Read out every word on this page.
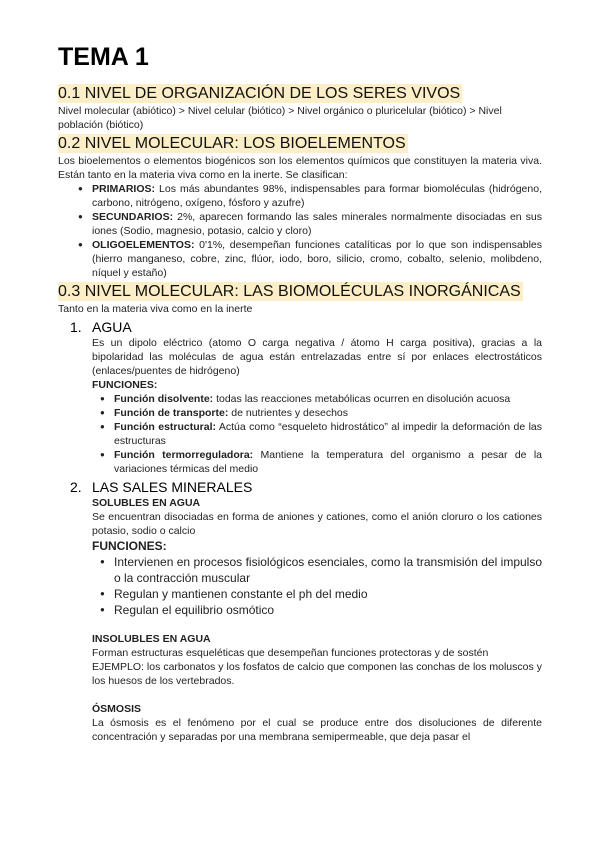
TEMA 1
0.1 NIVEL DE ORGANIZACIÓN DE LOS SERES VIVOS

Nivel molecular (abiótico) > Nivel celular (biótico) > Nivel orgánico o pluricelular (biótico) > Nivel población (biótico)

0.2 NIVEL MOLECULAR: LOS BIOELEMENTOS

Los bioelementos o elementos biogénicos son los elementos químicos que constituyen la materia viva. Están tanto en la materia viva como en la inerte. Se clasifican:

● PRIMARIOS: Los más abundantes 98%, indispensables para formar biomoléculas (hidrógeno, carbono, nitrógeno, oxígeno, fósforo y azufre)
● SECUNDARIOS: 2%, aparecen formando las sales minerales normalmente disociadas en sus iones (Sodio, magnesio, potasio, calcio y cloro)
● OLIGOELEMENTOS: 0'1%, desempeñan funciones catalíticas por lo que son indispensables (hierro manganeso, cobre, zinc, flúor, iodo, boro, silicio, cromo, cobalto, selenio, molibdeno, níquel y estaño)
0.3 NIVEL MOLECULAR: LAS BIOMOLÉCULAS INORGÁNICAS

Tanto en la materia viva como en la inerte

1. AGUA

Es un dipolo eléctrico (atomo O carga negativa / átomo H carga positiva), gracias a la bipolaridad las moléculas de agua están entrelazadas entre sí por enlaces electrostáticos (enlaces/puentes de hidrógeno)

FUNCIONES:

● Función disolvente: todas las reacciones metabólicas ocurren en disolución acuosa
● Función de transporte: de nutrientes y desechos
● Función estructural: Actúa como “esqueleto hidrostático” al impedir la deformación de las estructuras
● Función termorreguladora: Mantiene la temperatura del organismo a pesar de la variaciones térmicas del medio
2. LAS SALES MINERALES

SOLUBLES EN AGUA

Se encuentran disociadas en forma de aniones y cationes, como el anión cloruro o los cationes potasio, sodio o calcio

FUNCIONES:

● Intervienen en procesos fisiológicos esenciales, como la transmisión del impulso o la contracción muscular
● Regulan y mantienen constante el ph del medio
● Regulan el equilibrio osmótico

INSOLUBLES EN AGUA

Forman estructuras esqueléticas que desempeñan funciones protectoras y de sostén

EJEMPLO: los carbonatos y los fosfatos de calcio que componen las conchas de los moluscos y los huesos de los vertebrados.

ÓSMOSIS

La ósmosis es el fenómeno por el cual se produce entre dos disoluciones de diferente concentración y separadas por una membrana semipermeable, que deja pasar el
